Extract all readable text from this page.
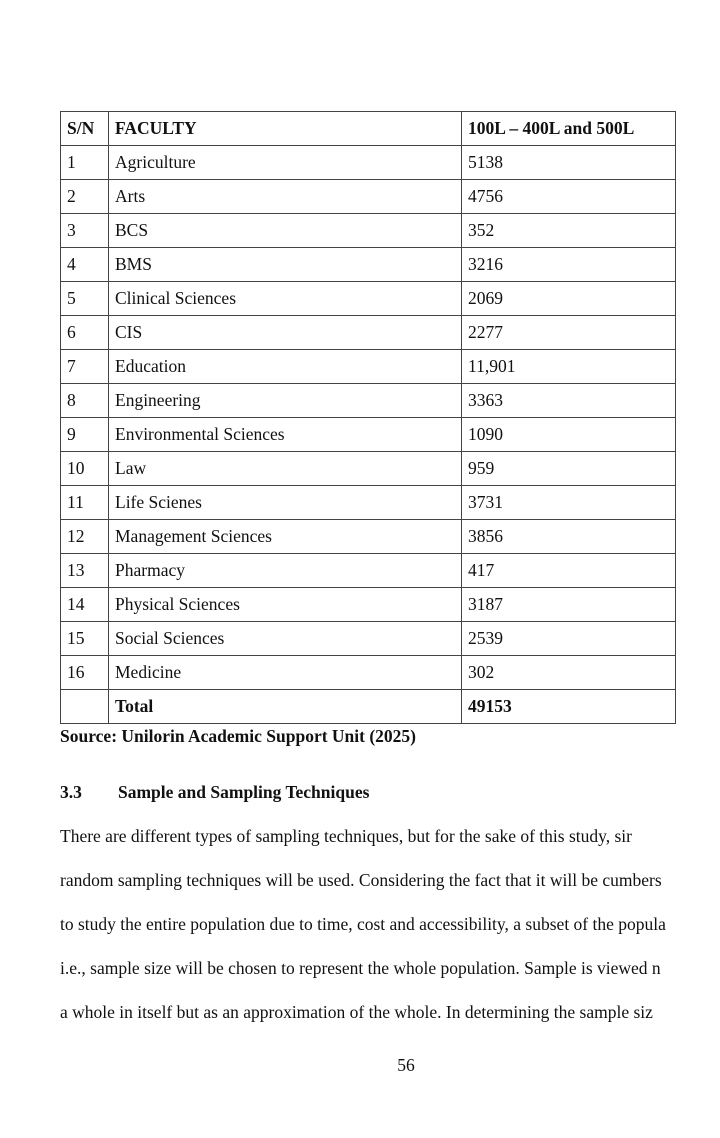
S/N	FACULTY	100L – 400L and 500L
1	Agriculture	5138
2	Arts	4756
3	BCS	352
4	BMS	3216
5	Clinical Sciences	2069
6	CIS	2277
7	Education	11,901
8	Engineering	3363
9	Environmental Sciences	1090
10	Law	959
11	Life Scienes	3731
12	Management Sciences	3856
13	Pharmacy	417
14	Physical Sciences	3187
15	Social Sciences	2539
16	Medicine	302
	Total	49153
Source: Unilorin Academic Support Unit (2025)
3.3 Sample and Sampling Techniques
There are different types of sampling techniques, but for the sake of this study, sir
random sampling techniques will be used. Considering the fact that it will be cumbers
to study the entire population due to time, cost and accessibility, a subset of the popula
i.e., sample size will be chosen to represent the whole population. Sample is viewed n
a whole in itself but as an approximation of the whole. In determining the sample siz
56
